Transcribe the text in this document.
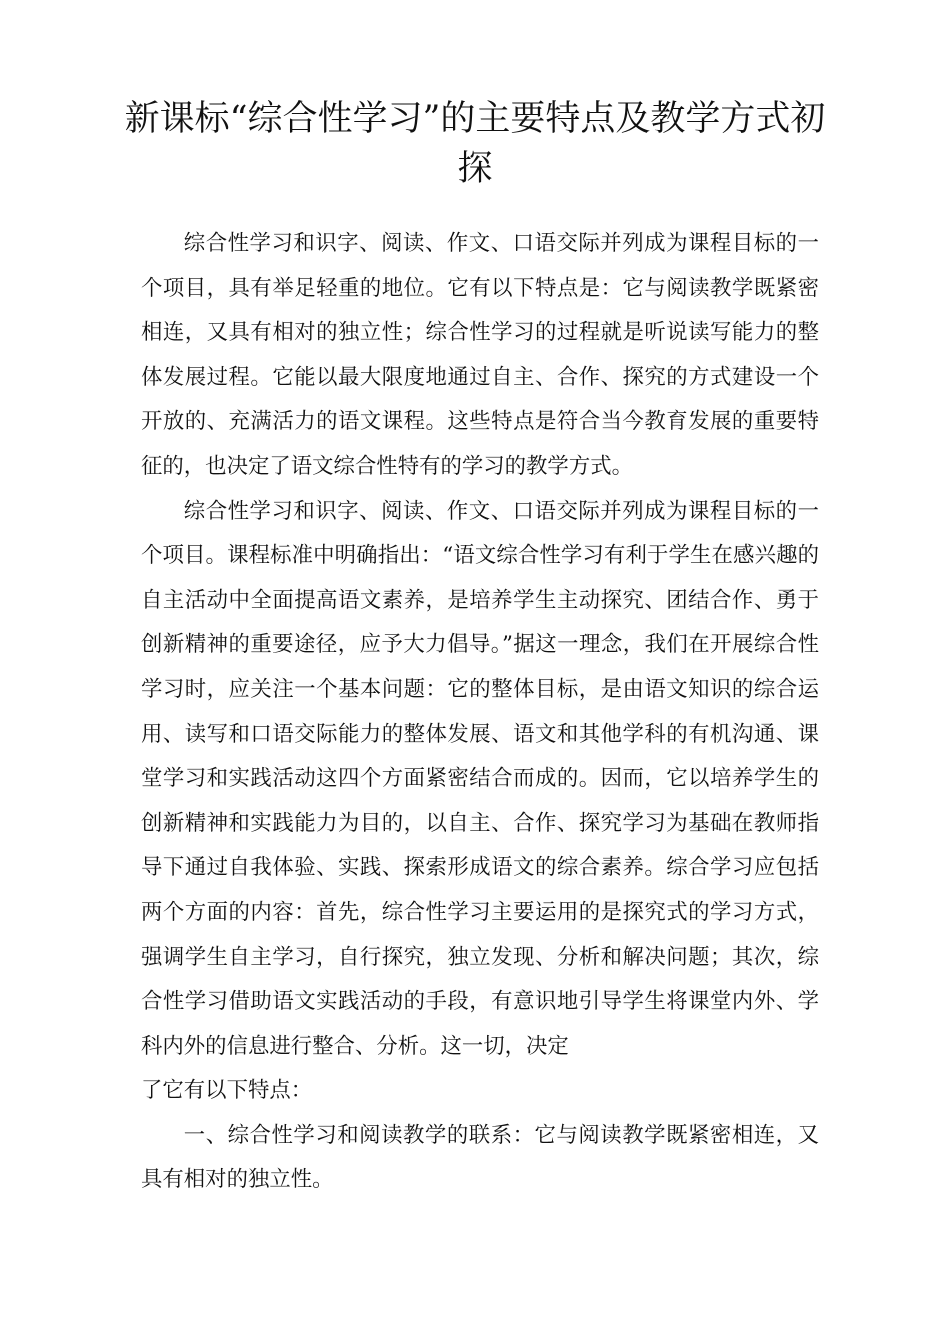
新课标“综合性学习”的主要特点及教学方式初探

综合性学习和识字、阅读、作文、口语交际并列成为课程目标的一个项目，具有举足轻重的地位。它有以下特点是：它与阅读教学既紧密相连，又具有相对的独立性；综合性学习的过程就是听说读写能力的整体发展过程。它能以最大限度地通过自主、合作、探究的方式建设一个开放的、充满活力的语文课程。这些特点是符合当今教育发展的重要特征的，也决定了语文综合性特有的学习的教学方式。

综合性学习和识字、阅读、作文、口语交际并列成为课程目标的一个项目。课程标准中明确指出：“语文综合性学习有利于学生在感兴趣的自主活动中全面提高语文素养，是培养学生主动探究、团结合作、勇于创新精神的重要途径，应予大力倡导。”据这一理念，我们在开展综合性学习时，应关注一个基本问题：它的整体目标，是由语文知识的综合运用、读写和口语交际能力的整体发展、语文和其他学科的有机沟通、课堂学习和实践活动这四个方面紧密结合而成的。因而，它以培养学生的创新精神和实践能力为目的，以自主、合作、探究学习为基础在教师指导下通过自我体验、实践、探索形成语文的综合素养。综合学习应包括两个方面的内容：首先，综合性学习主要运用的是探究式的学习方式，强调学生自主学习，自行探究，独立发现、分析和解决问题；其次，综合性学习借助语文实践活动的手段，有意识地引导学生将课堂内外、学科内外的信息进行整合、分析。这一切，决定

了它有以下特点：

一、综合性学习和阅读教学的联系：它与阅读教学既紧密相连，又具有相对的独立性。
